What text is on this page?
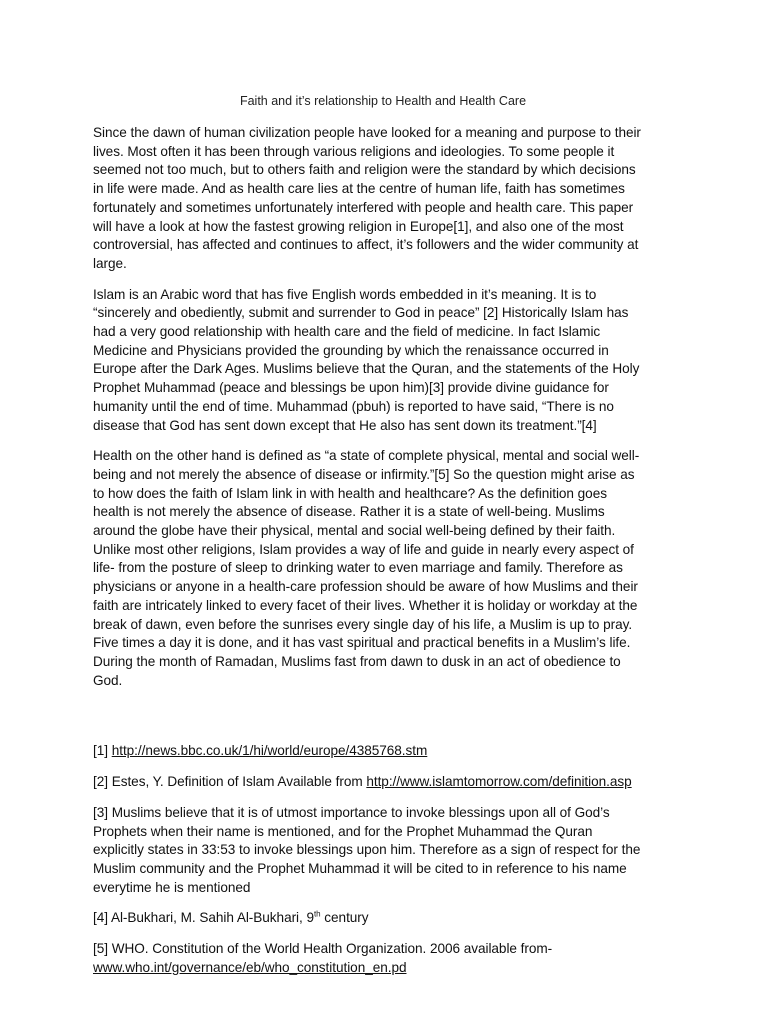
Faith and it’s relationship to Health and Health Care
Since the dawn of human civilization people have looked for a meaning and purpose to their
lives. Most often it has been through various religions and ideologies. To some people it
seemed not too much, but to others faith and religion were the standard by which decisions
in life were made. And as health care lies at the centre of human life, faith has sometimes
fortunately and sometimes unfortunately interfered with people and health care. This paper
will have a look at how the fastest growing religion in Europe[1], and also one of the most
controversial, has affected and continues to affect, it’s followers and the wider community at
large.
Islam is an Arabic word that has five English words embedded in it’s meaning. It is to
“sincerely and obediently, submit and surrender to God in peace” [2] Historically Islam has
had a very good relationship with health care and the field of medicine. In fact Islamic
Medicine and Physicians provided the grounding by which the renaissance occurred in
Europe after the Dark Ages. Muslims believe that the Quran, and the statements of the Holy
Prophet Muhammad (peace and blessings be upon him)[3] provide divine guidance for
humanity until the end of time. Muhammad (pbuh) is reported to have said, “There is no
disease that God has sent down except that He also has sent down its treatment.”[4]
Health on the other hand is defined as “a state of complete physical, mental and social well-
being and not merely the absence of disease or infirmity.”[5] So the question might arise as
to how does the faith of Islam link in with health and healthcare? As the definition goes
health is not merely the absence of disease. Rather it is a state of well-being. Muslims
around the globe have their physical, mental and social well-being defined by their faith.
Unlike most other religions, Islam provides a way of life and guide in nearly every aspect of
life- from the posture of sleep to drinking water to even marriage and family. Therefore as
physicians or anyone in a health-care profession should be aware of how Muslims and their
faith are intricately linked to every facet of their lives. Whether it is holiday or workday at the
break of dawn, even before the sunrises every single day of his life, a Muslim is up to pray.
Five times a day it is done, and it has vast spiritual and practical benefits in a Muslim’s life.
During the month of Ramadan, Muslims fast from dawn to dusk in an act of obedience to
God.
[1] http://news.bbc.co.uk/1/hi/world/europe/4385768.stm
[2] Estes, Y. Definition of Islam Available from http://www.islamtomorrow.com/definition.asp
[3] Muslims believe that it is of utmost importance to invoke blessings upon all of God’s
Prophets when their name is mentioned, and for the Prophet Muhammad the Quran
explicitly states in 33:53 to invoke blessings upon him. Therefore as a sign of respect for the
Muslim community and the Prophet Muhammad it will be cited to in reference to his name
everytime he is mentioned
[4] Al-Bukhari, M. Sahih Al-Bukhari, 9th century
[5] WHO. Constitution of the World Health Organization. 2006 available from-
www.who.int/governance/eb/who_constitution_en.pd
